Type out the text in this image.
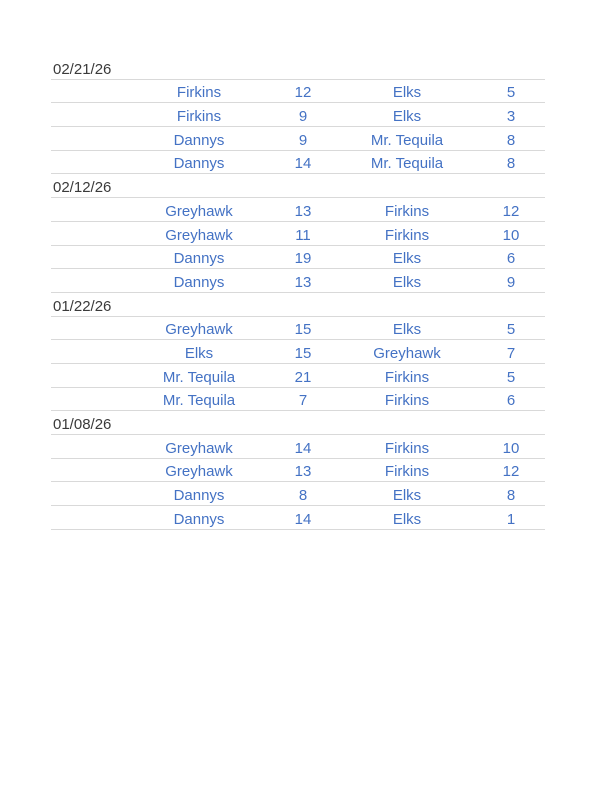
02/21/26
Firkins	12	Elks	5
Firkins	9	Elks	3
Dannys	9	Mr. Tequila	8
Dannys	14	Mr. Tequila	8
02/12/26
Greyhawk	13	Firkins	12
Greyhawk	11	Firkins	10
Dannys	19	Elks	6
Dannys	13	Elks	9
01/22/26
Greyhawk	15	Elks	5
Elks	15	Greyhawk	7
Mr. Tequila	21	Firkins	5
Mr. Tequila	7	Firkins	6
01/08/26
Greyhawk	14	Firkins	10
Greyhawk	13	Firkins	12
Dannys	8	Elks	8
Dannys	14	Elks	1
